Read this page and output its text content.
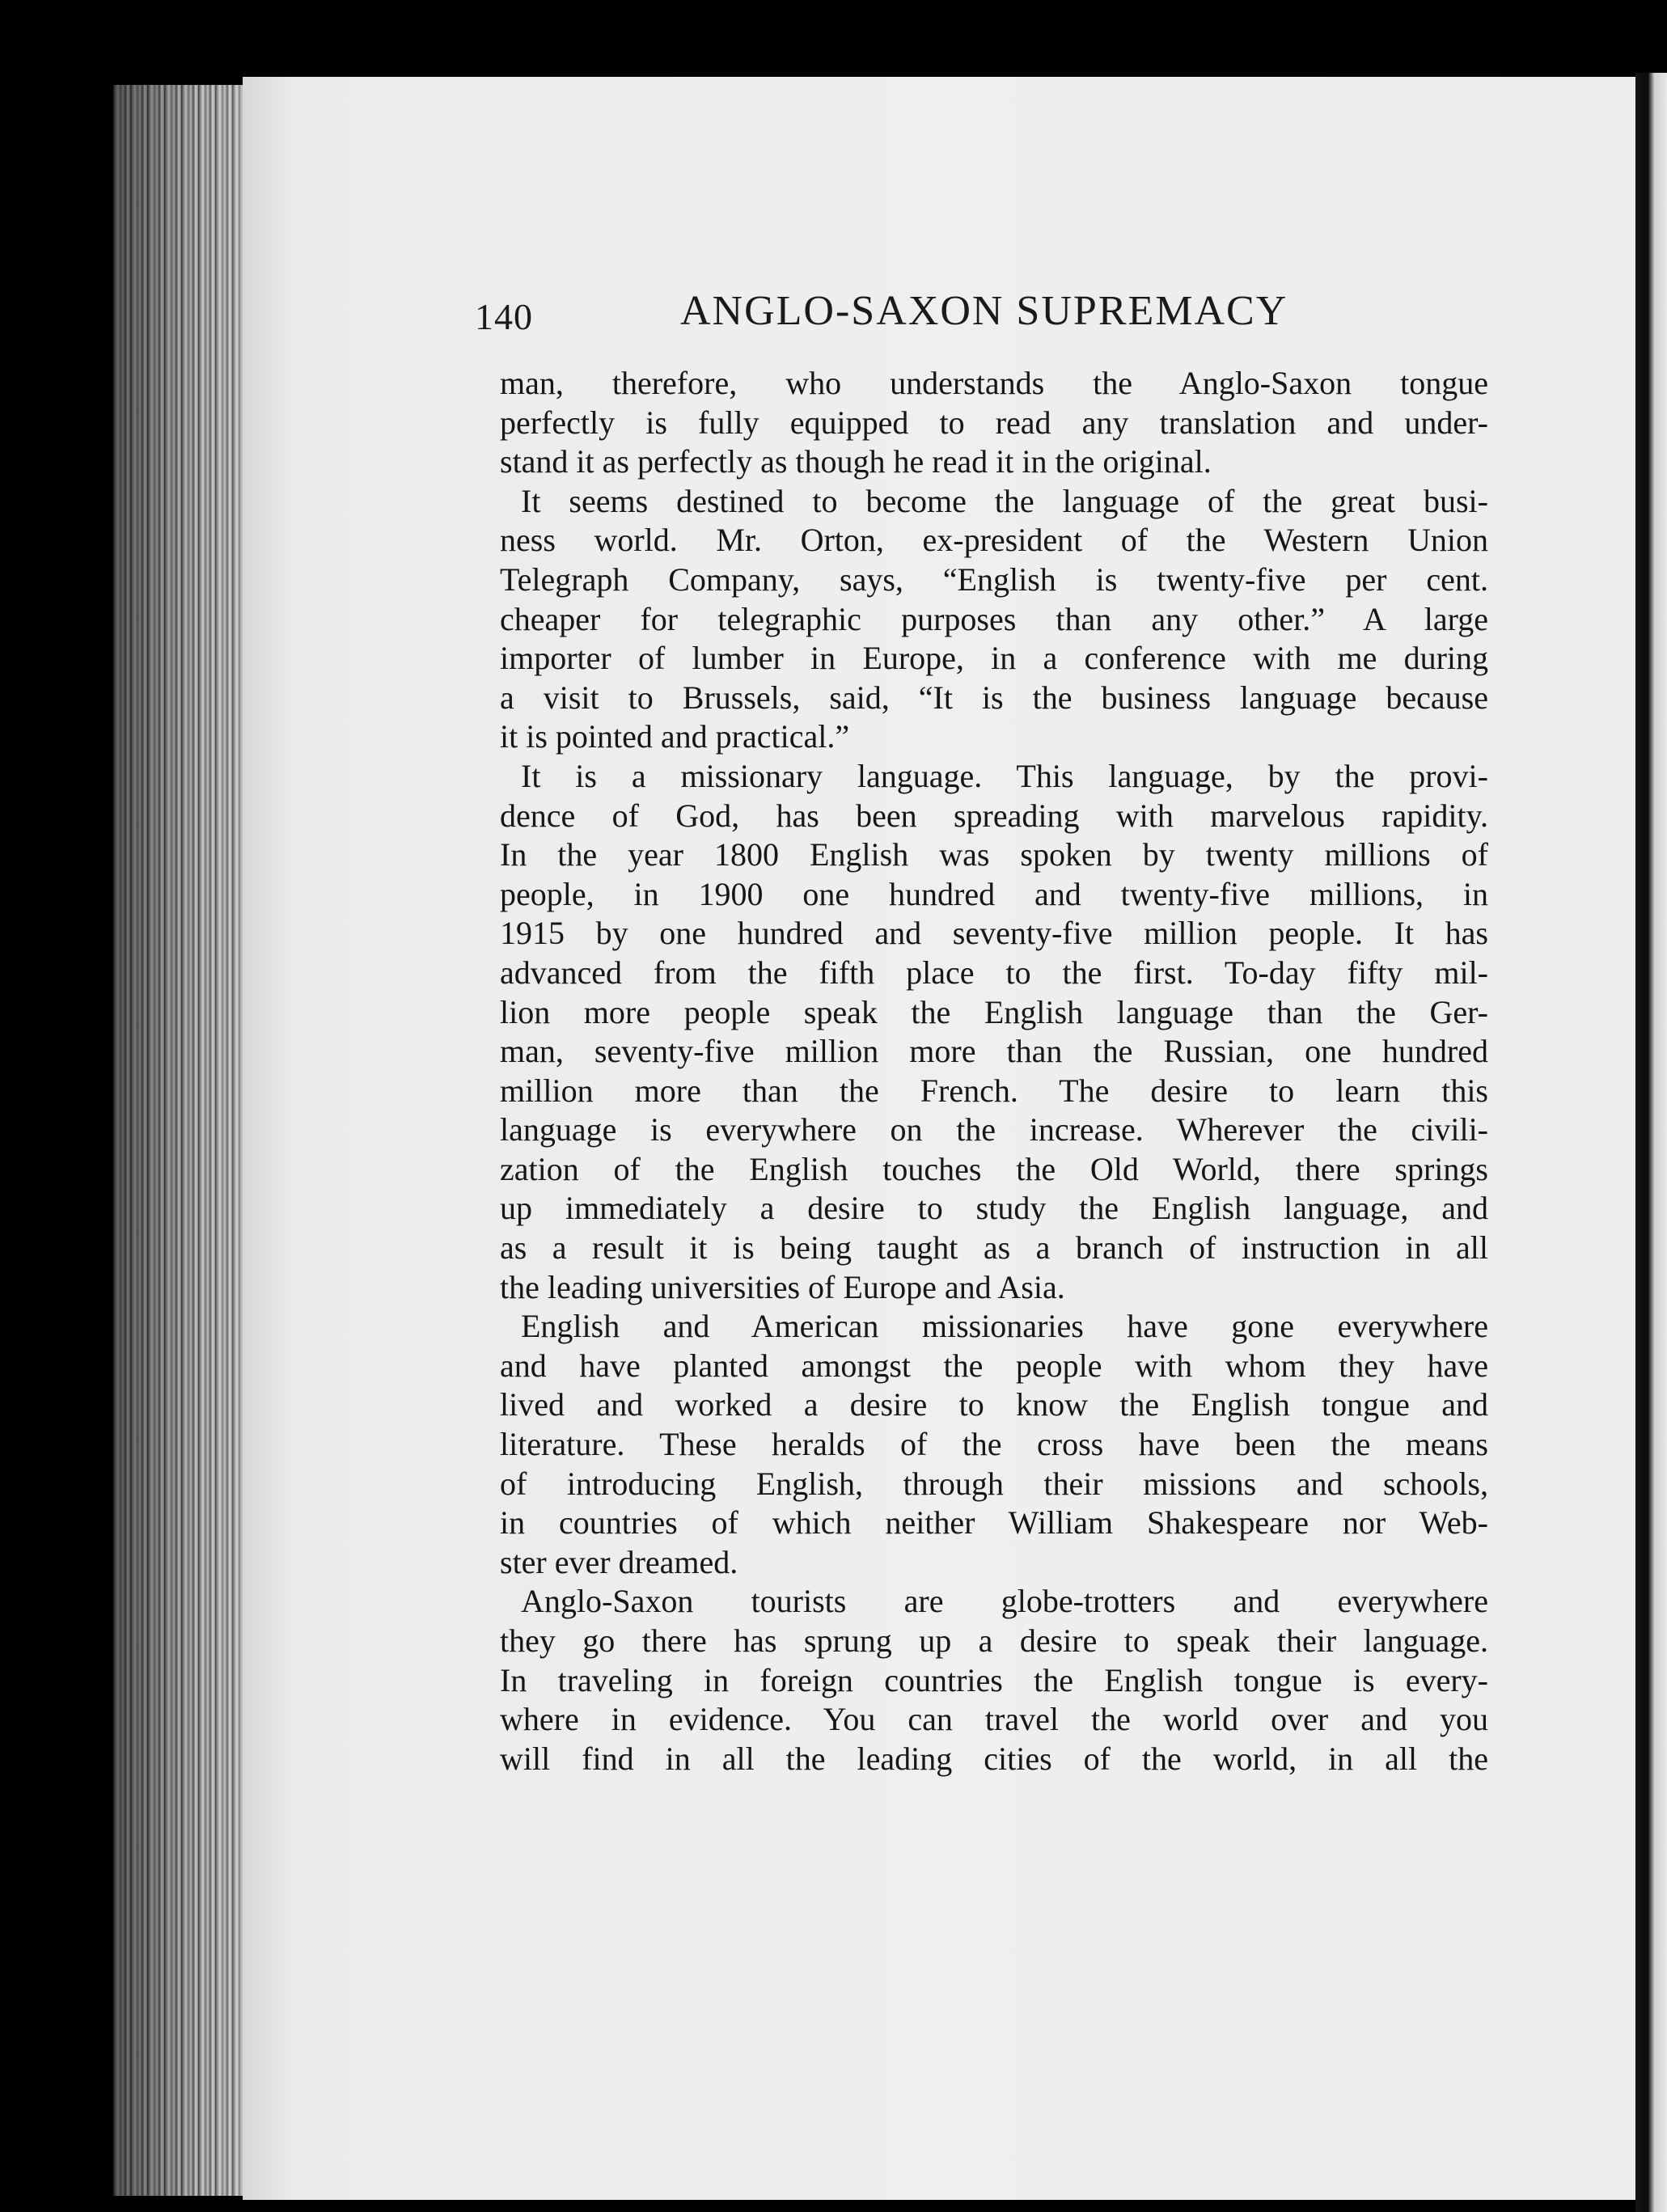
140	ANGLO-SAXON SUPREMACY
man, therefore, who understands the Anglo-Saxon tongue
perfectly is fully equipped to read any translation and under-
stand it as perfectly as though he read it in the original.
It seems destined to become the language of the great busi-
ness world. Mr. Orton, ex-president of the Western Union
Telegraph Company, says, “English is twenty-five per cent.
cheaper for telegraphic purposes than any other.” A large
importer of lumber in Europe, in a conference with me during
a visit to Brussels, said, “It is the business language because
it is pointed and practical.”
It is a missionary language. This language, by the provi-
dence of God, has been spreading with marvelous rapidity.
In the year 1800 English was spoken by twenty millions of
people, in 1900 one hundred and twenty-five millions, in
1915 by one hundred and seventy-five million people. It has
advanced from the fifth place to the first. To-day fifty mil-
lion more people speak the English language than the Ger-
man, seventy-five million more than the Russian, one hundred
million more than the French. The desire to learn this
language is everywhere on the increase. Wherever the civili-
zation of the English touches the Old World, there springs
up immediately a desire to study the English language, and
as a result it is being taught as a branch of instruction in all
the leading universities of Europe and Asia.
English and American missionaries have gone everywhere
and have planted amongst the people with whom they have
lived and worked a desire to know the English tongue and
literature. These heralds of the cross have been the means
of introducing English, through their missions and schools,
in countries of which neither William Shakespeare nor Web-
ster ever dreamed.
Anglo-Saxon tourists are globe-trotters and everywhere
they go there has sprung up a desire to speak their language.
In traveling in foreign countries the English tongue is every-
where in evidence. You can travel the world over and you
will find in all the leading cities of the world, in all the
